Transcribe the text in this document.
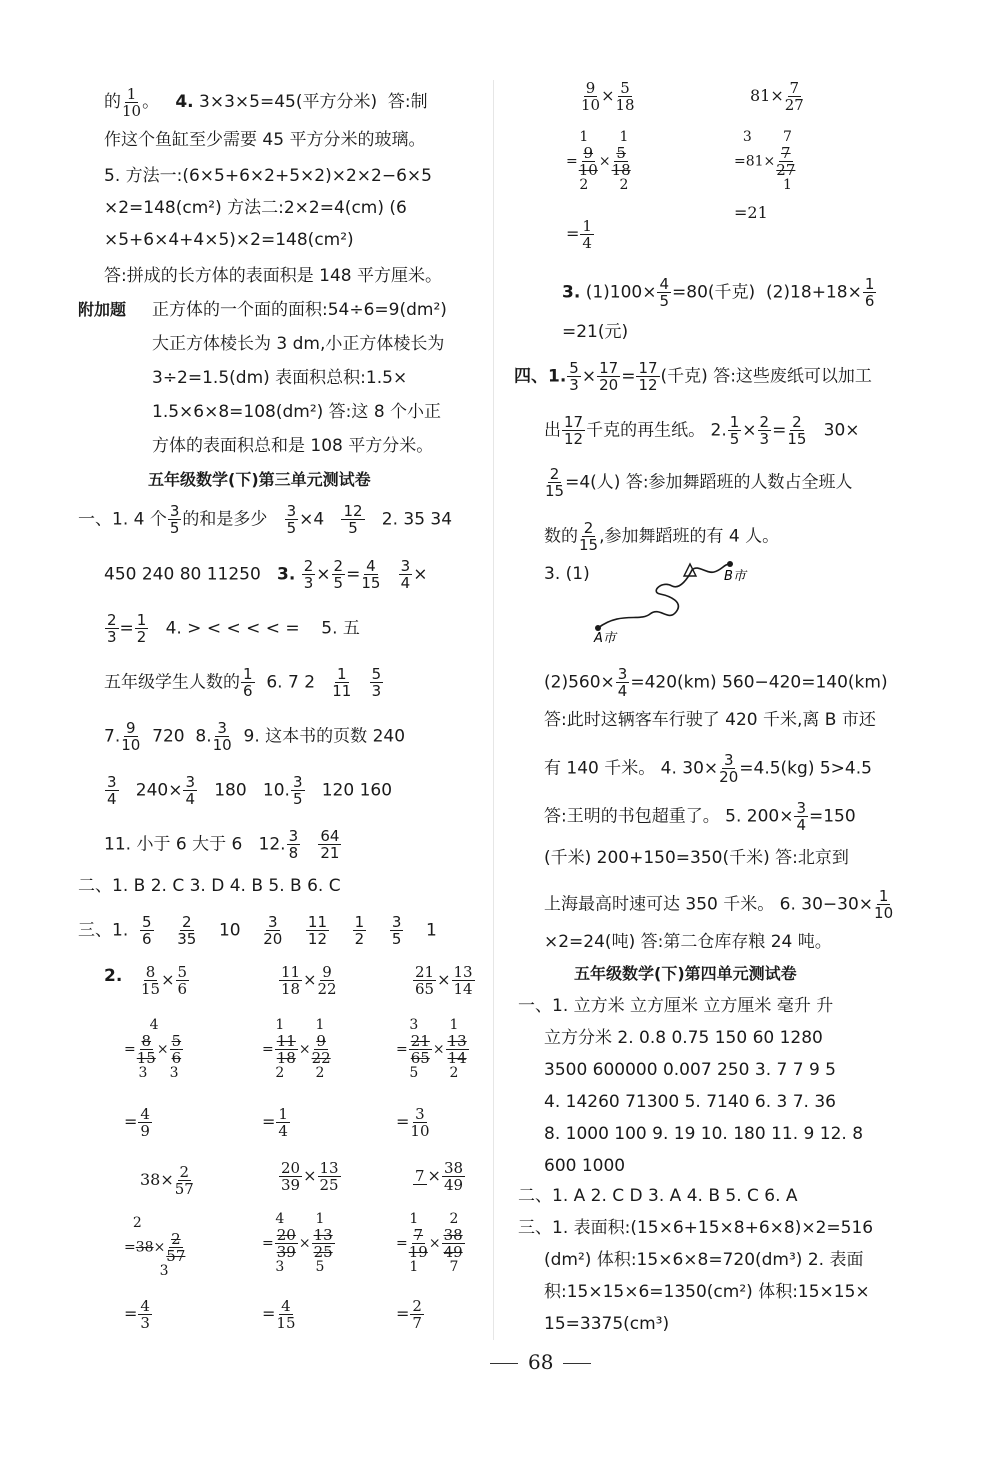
的 $\frac{1}{10}$ 。   4. 3×3×5=45(平方分米)  答:制
作这个鱼缸至少需要 45 平方分米的玻璃。
5. 方法一:(6×5+6×2+5×2)×2×2−6×5
×2=148(cm²) 方法二:2×2=4(cm) (6
×5+6×4+4×5)×2=148(cm²)
答:拼成的长方体的表面积是 148 平方厘米。
附加题 正方体的一个面的面积:54÷6=9(dm²)
大正方体棱长为 3 dm,小正方体棱长为
3÷2=1.5(dm) 表面积总积:1.5×
1.5×6×8=108(dm²) 答:这 8 个小正
方体的表面积总和是 108 平方分米。
五年级数学(下)第三单元测试卷
一、1. 4 个 $\frac{3}{5}$ 的和是多少 $\frac{3}{5} \times 4 \frac{12}{5} 2$. 35 34
450 240 80 11250 3. $\frac{2}{3} \times \frac{2}{5} = \frac{4}{15}$
$\frac{3}{4}$ ×
$\frac{2}{3} = \frac{1}{2} 4$. > < < < < = 5. 五
五年级学生人数的 $\frac{1}{6} 6$. 7 $2 \frac{1}{11}$
$\frac{5}{3}$
7. $\frac{9}{10} 720$ 8. $\frac{3}{10} 9$. 这本书的页数 240
$\frac{3}{4} 240\times \frac{3}{4} 180$ 10. $\frac{3}{5} 120$ 160
11. 小于 6 大于 6 12. $\frac{3}{8}$
$\frac{64}{21}$
二、1. B 2. C 3. D 4. B 5. B 6. C
三、1. $\frac{5}{6}$
$\frac{2}{35} 10 \frac{3}{20}$
$\frac{11}{12}$
$\frac{1}{2}$
$\frac{3}{5} 1$
2. $\frac{8}{15} \times \frac{5}{6}$
4
= $\frac{8}{15} \times \frac{5}{6}$

3 3
= $\frac{4}{9}$
$38\times \frac{2}{57}$
2
$=38\times \frac{2}{57}$

3
= $\frac{4}{3}$
$\frac{11}{18} \times \frac{9}{22}$
1 1
= $\frac{11}{18} \times \frac{9}{22}$

2 2
= $\frac{1}{4}$
$\frac{20}{39} \times \frac{13}{25}$
4 1
= $\frac{20}{39} \times \frac{13}{25}$

3 5
= $\frac{4}{15}$
$\frac{21}{65} \times \frac{13}{14}$
3 1
= $\frac{21}{65} \times \frac{13}{14}$

5 2
= $\frac{3}{10}$
$7 \times \frac{38}{49}$
1 2
= $\frac{7}{19} \times \frac{38}{49}$

1 7
= $\frac{2}{7}$
$\frac{9}{10} \times \frac{5}{18}$
1 1
= $\frac{9}{10} \times \frac{5}{18}$

2 2
= $\frac{1}{4}$
$81\times \frac{7}{27}$
3 7
$=81\times \frac{7}{27}$

1
=21
3. $(1)100\times \frac{4}{5} =80$(千克)  $(2)18+18\times \frac{1}{6}$
=21(元)
四、1. $\frac{5}{3} \times \frac{17}{20} = \frac{17}{12}$ (千克) 答:这些废纸可以加工
出 $\frac{17}{12}$ 千克的再生纸。 2. $\frac{1}{5} \times \frac{2}{3} = \frac{2}{15} 30\times$
$\frac{2}{15} =4$(人) 答:参加舞蹈班的人数占全班人
数的 $\frac{2}{15}$ ,参加舞蹈班的有 4 人。
3. (1)
A市
B市
$(2)560\times \frac{3}{4} =420(km)$ 560−420=140(km)
答:此时这辆客车行驶了 420 千米,离 B 市还
有 140 千米。 4. $30\times \frac{3}{20} =4.5(kg)$ 5>4.5
答:王明的书包超重了。 5. $200\times \frac{3}{4} =150$
(千米) 200+150=350(千米) 答:北京到
上海最高时速可达 350 千米。 6. $30-30\times \frac{1}{10}$
×2=24(吨) 答:第二仓库存粮 24 吨。
五年级数学(下)第四单元测试卷
一、1. 立方米 立方厘米 立方厘米 毫升 升
立方分米 2. 0.8 0.75 150 60 1280
3500 600000 0.007 250 3. 7 7 9 5
4. 14260 71300 5. 7140 6. 3 7. 36
8. 1000 100 9. 19 10. 180 11. 9 12. 8
600 1000
二、1. A 2. C D 3. A 4. B 5. C 6. A
三、1. 表面积:(15×6+15×8+6×8)×2=516
(dm²) 体积:15×6×8=720(dm³) 2. 表面
积:15×15×6=1350(cm²) 体积:15×15×
15=3375(cm³)
68
